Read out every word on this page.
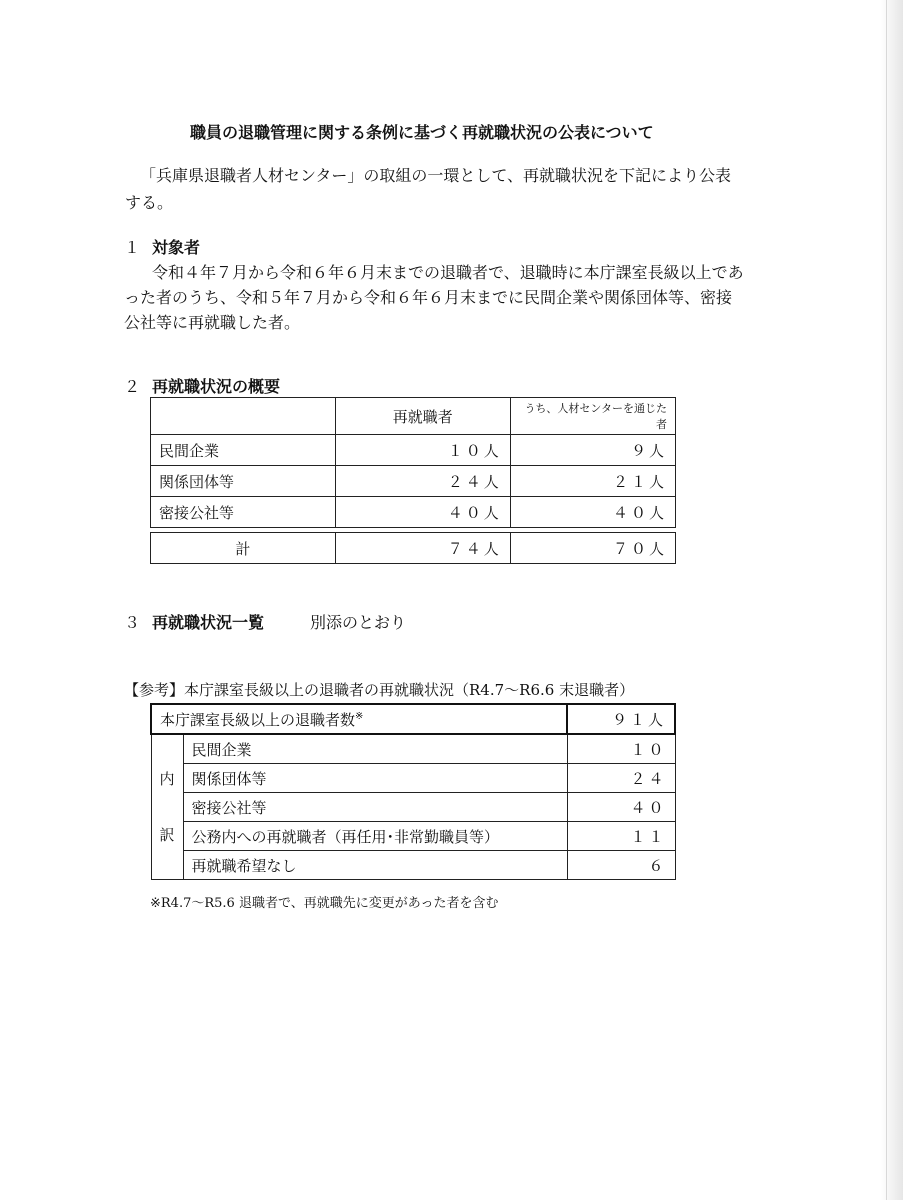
職員の退職管理に関する条例に基づく再就職状況の公表について
「兵庫県退職者人材センター」の取組の一環として、再就職状況を下記により公表
する。
１ 対象者
令和４年７月から令和６年６月末までの退職者で、退職時に本庁課室長級以上であ
った者のうち、令和５年７月から令和６年６月末までに民間企業や関係団体等、密接
公社等に再就職した者。
２ 再就職状況の概要
	再就職者	うち、人材センターを通じた者
民間企業	１０人	９人
関係団体等	２４人	２１人
密接公社等	４０人	４０人

計	７４人	７０人
３ 再就職状況一覧	別添のとおり
【参考】本庁課室長級以上の退職者の再就職状況（R4.7～R6.6 末退職者）
本庁課室長級以上の退職者数※		９１人
内
訳	民間企業	１０
	関係団体等	２４
	密接公社等	４０
	公務内への再就職者（再任用･非常勤職員等）	１１
	再就職希望なし	６
※R4.7～R5.6 退職者で、再就職先に変更があった者を含む
